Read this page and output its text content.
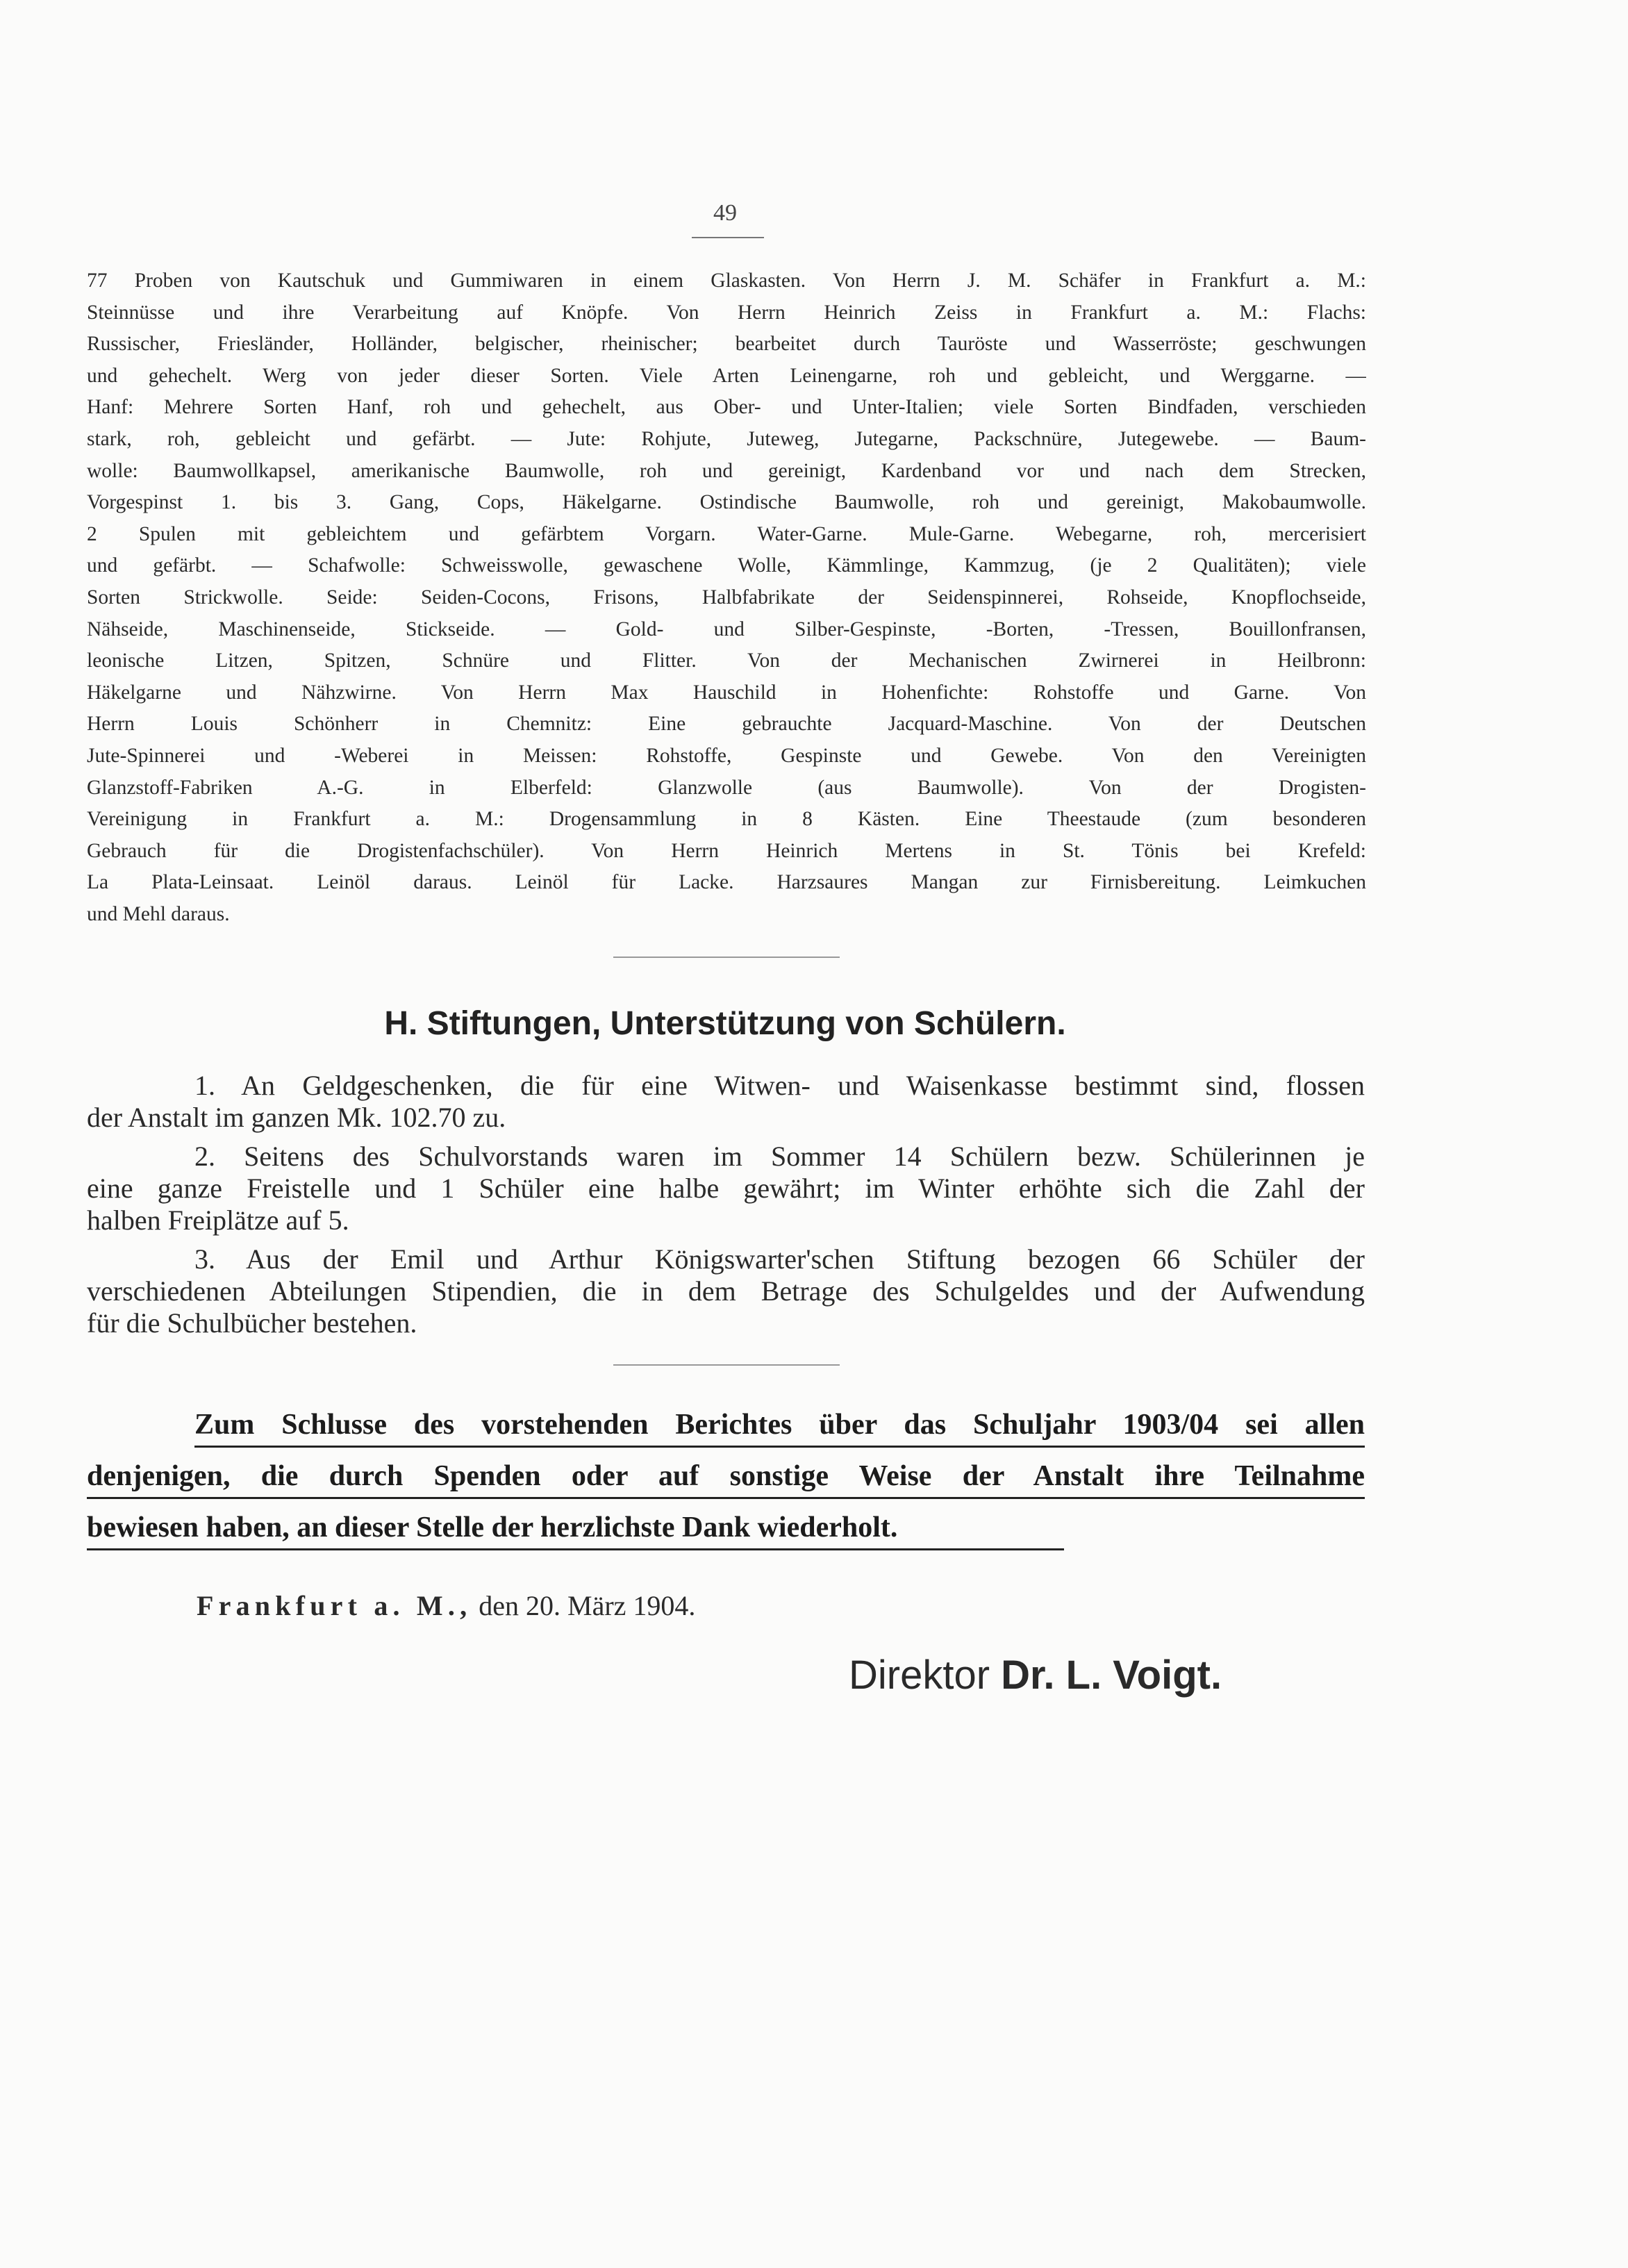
49
77 Proben von Kautschuk und Gummiwaren in einem Glaskasten. Von Herrn J. M. Schäfer in Frankfurt a. M.:
Steinnüsse und ihre Verarbeitung auf Knöpfe. Von Herrn Heinrich Zeiss in Frankfurt a. M.: Flachs:
Russischer, Friesländer, Holländer, belgischer, rheinischer; bearbeitet durch Tauröste und Wasserröste; geschwungen
und gehechelt. Werg von jeder dieser Sorten. Viele Arten Leinengarne, roh und gebleicht, und Werggarne. —
Hanf: Mehrere Sorten Hanf, roh und gehechelt, aus Ober- und Unter-Italien; viele Sorten Bindfaden, verschieden
stark, roh, gebleicht und gefärbt. — Jute: Rohjute, Juteweg, Jutegarne, Packschnüre, Jutegewebe. — Baum-
wolle: Baumwollkapsel, amerikanische Baumwolle, roh und gereinigt, Kardenband vor und nach dem Strecken,
Vorgespinst 1. bis 3. Gang, Cops, Häkelgarne. Ostindische Baumwolle, roh und gereinigt, Makobaumwolle.
2 Spulen mit gebleichtem und gefärbtem Vorgarn. Water-Garne. Mule-Garne. Webegarne, roh, mercerisiert
und gefärbt. — Schafwolle: Schweisswolle, gewaschene Wolle, Kämmlinge, Kammzug, (je 2 Qualitäten); viele
Sorten Strickwolle. Seide: Seiden-Cocons, Frisons, Halbfabrikate der Seidenspinnerei, Rohseide, Knopflochseide,
Nähseide, Maschinenseide, Stickseide. — Gold- und Silber-Gespinste, -Borten, -Tressen, Bouillonfransen,
leonische Litzen, Spitzen, Schnüre und Flitter. Von der Mechanischen Zwirnerei in Heilbronn:
Häkelgarne und Nähzwirne. Von Herrn Max Hauschild in Hohenfichte: Rohstoffe und Garne. Von
Herrn Louis Schönherr in Chemnitz: Eine gebrauchte Jacquard-Maschine. Von der Deutschen
Jute-Spinnerei und -Weberei in Meissen: Rohstoffe, Gespinste und Gewebe. Von den Vereinigten
Glanzstoff-Fabriken A.-G. in Elberfeld: Glanzwolle (aus Baumwolle). Von der Drogisten-
Vereinigung in Frankfurt a. M.: Drogensammlung in 8 Kästen. Eine Theestaude (zum besonderen
Gebrauch für die Drogistenfachschüler). Von Herrn Heinrich Mertens in St. Tönis bei Krefeld:
La Plata-Leinsaat. Leinöl daraus. Leinöl für Lacke. Harzsaures Mangan zur Firnisbereitung. Leimkuchen
und Mehl daraus.
H. Stiftungen, Unterstützung von Schülern.
1. An Geldgeschenken, die für eine Witwen- und Waisenkasse bestimmt sind, flossen
der Anstalt im ganzen Mk. 102.70 zu.
2. Seitens des Schulvorstands waren im Sommer 14 Schülern bezw. Schülerinnen je
eine ganze Freistelle und 1 Schüler eine halbe gewährt; im Winter erhöhte sich die Zahl der
halben Freiplätze auf 5.
3. Aus der Emil und Arthur Königswarter'schen Stiftung bezogen 66 Schüler der
verschiedenen Abteilungen Stipendien, die in dem Betrage des Schulgeldes und der Aufwendung
für die Schulbücher bestehen.
Zum Schlusse des vorstehenden Berichtes über das Schuljahr 1903/04 sei allen
denjenigen, die durch Spenden oder auf sonstige Weise der Anstalt ihre Teilnahme
bewiesen haben, an dieser Stelle der herzlichste Dank wiederholt.
Frankfurt a. M., den 20. März 1904.
Direktor Dr. L. Voigt.
